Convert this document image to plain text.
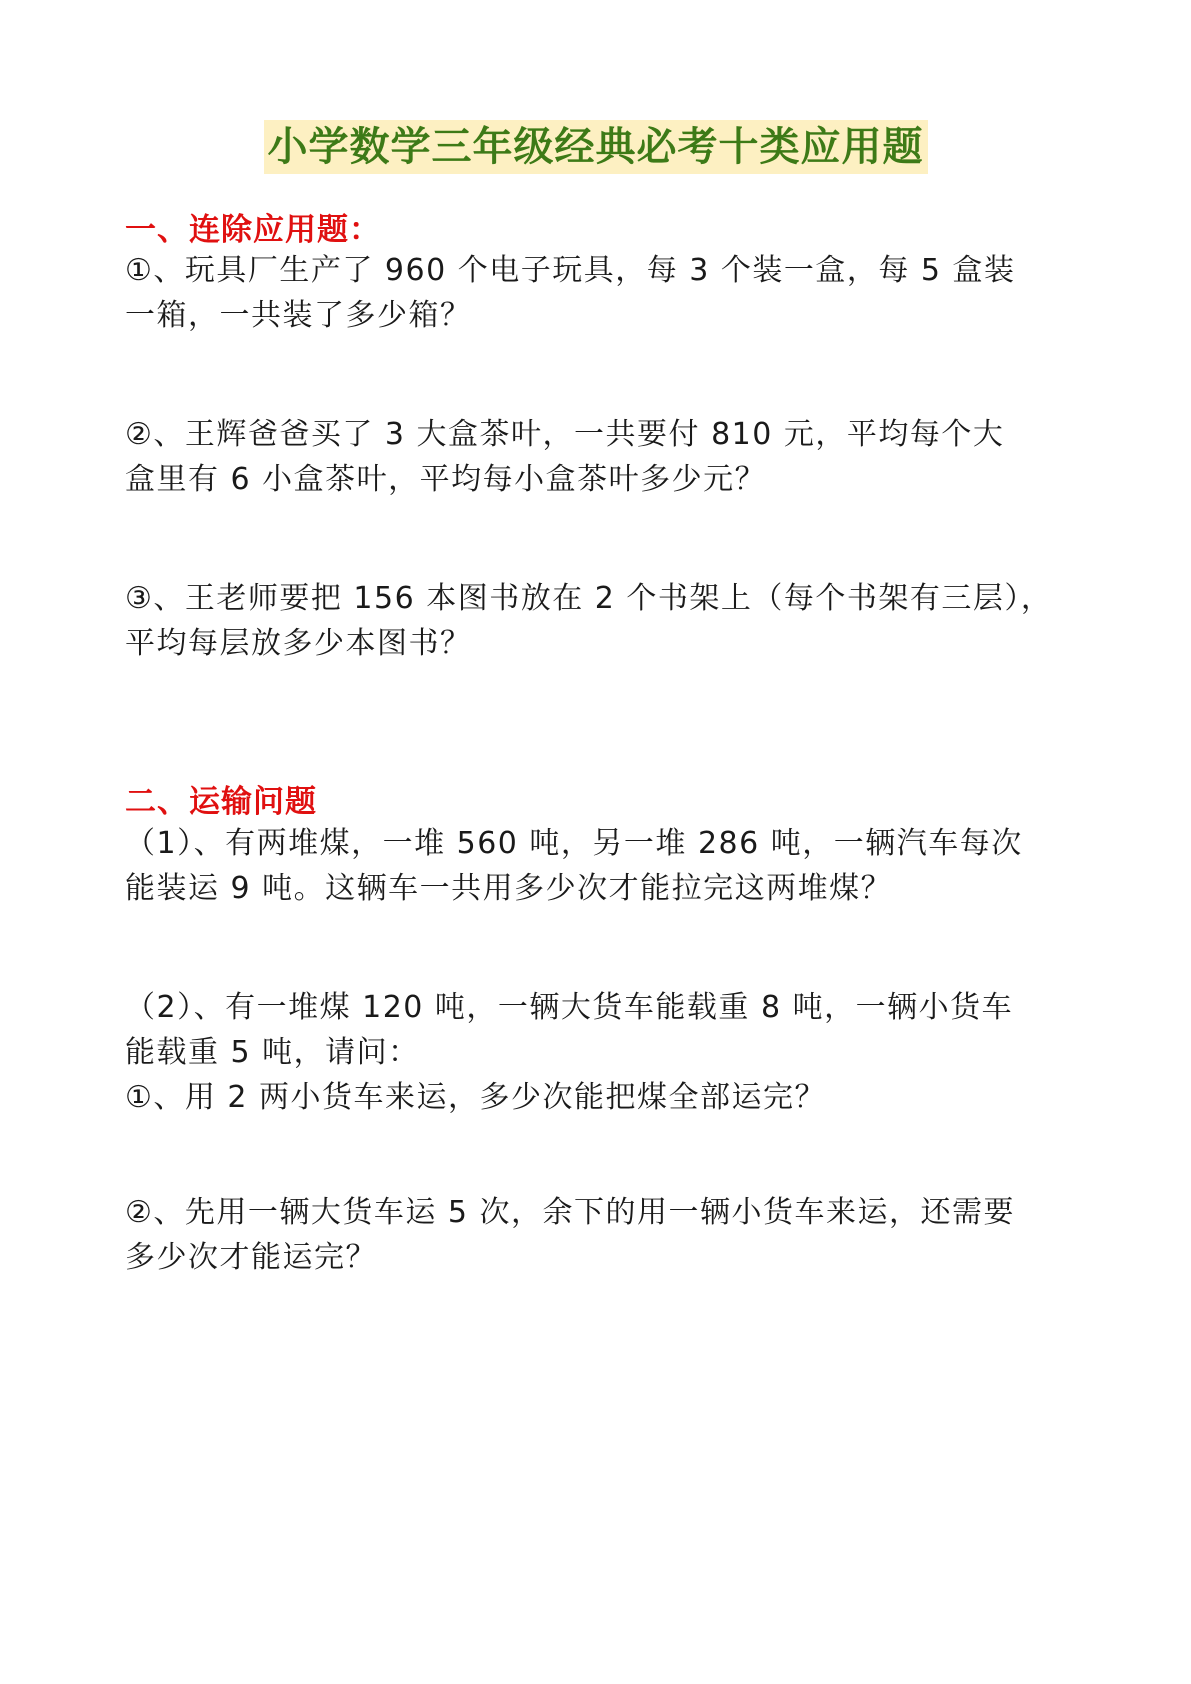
小学数学三年级经典必考十类应用题
一、连除应用题：
①、玩具厂生产了 960 个电子玩具，每 3 个装一盒，每 5 盒装
一箱，一共装了多少箱？
②、王辉爸爸买了 3 大盒茶叶，一共要付 810 元，平均每个大
盒里有 6 小盒茶叶，平均每小盒茶叶多少元？
③、王老师要把 156 本图书放在 2 个书架上（每个书架有三层），
平均每层放多少本图书？
二、运输问题
（1）、有两堆煤，一堆 560 吨，另一堆 286 吨，一辆汽车每次
能装运 9 吨。这辆车一共用多少次才能拉完这两堆煤？
（2）、有一堆煤 120 吨，一辆大货车能载重 8 吨，一辆小货车
能载重 5 吨，请问：
①、用 2 两小货车来运，多少次能把煤全部运完？
②、先用一辆大货车运 5 次，余下的用一辆小货车来运，还需要
多少次才能运完？
